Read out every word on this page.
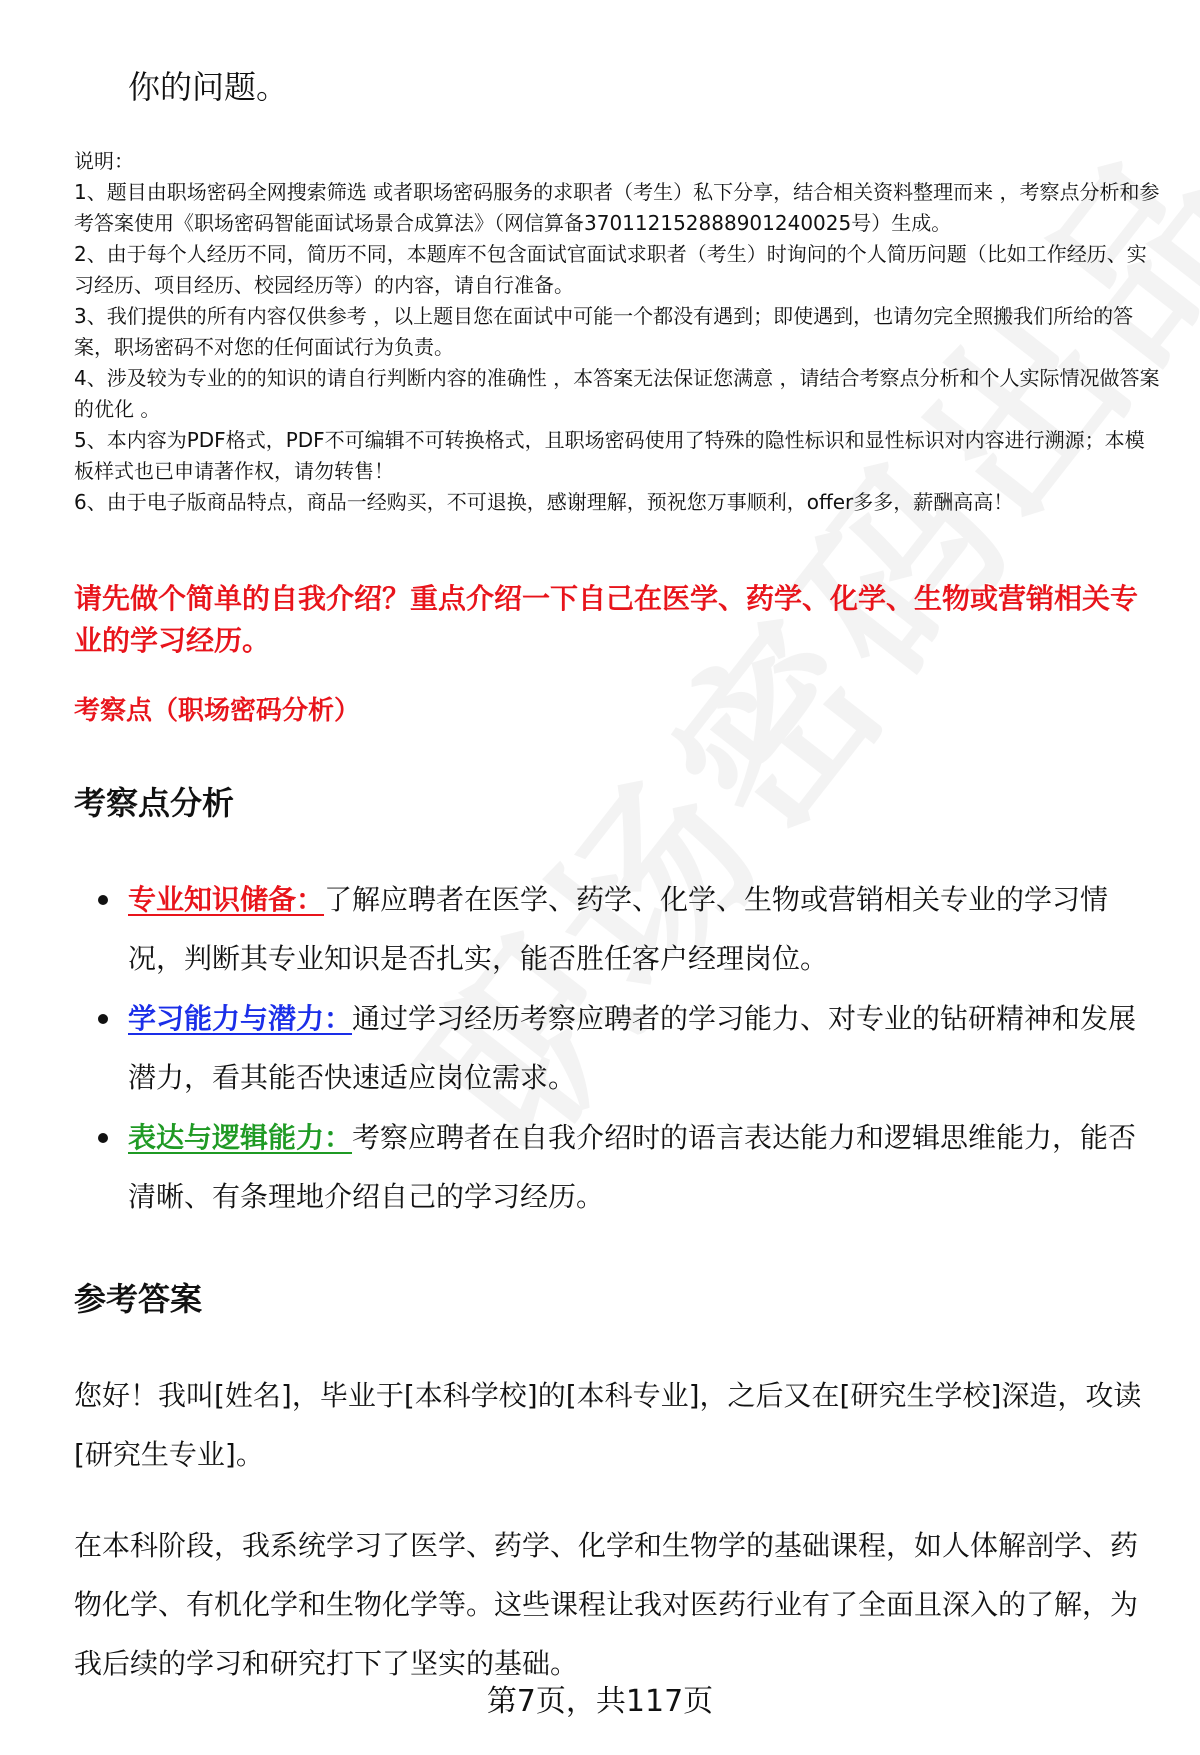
你的问题。
说明：
1、题目由职场密码全网搜索筛选 或者职场密码服务的求职者（考生）私下分享，结合相关资料整理而来 ，考察点分析和参考答案使用《职场密码智能面试场景合成算法》（网信算备370112152888901240025号）生成。
2、由于每个人经历不同，简历不同，本题库不包含面试官面试求职者（考生）时询问的个人简历问题（比如工作经历、实习经历、项目经历、校园经历等）的内容，请自行准备。
3、我们提供的所有内容仅供参考 ，以上题目您在面试中可能一个都没有遇到；即使遇到，也请勿完全照搬我们所给的答案，职场密码不对您的任何面试行为负责。
4、涉及较为专业的的知识的请自行判断内容的准确性 ，本答案无法保证您满意 ，请结合考察点分析和个人实际情况做答案的优化 。
5、本内容为PDF格式，PDF不可编辑不可转换格式，且职场密码使用了特殊的隐性标识和显性标识对内容进行溯源；本模板样式也已申请著作权，请勿转售！
6、由于电子版商品特点，商品一经购买，不可退换，感谢理解，预祝您万事顺利，offer多多，薪酬高高！
请先做个简单的自我介绍？重点介绍一下自己在医学、药学、化学、生物或营销相关专业的学习经历。
考察点（职场密码分析）
考察点分析
专业知识储备：了解应聘者在医学、药学、化学、生物或营销相关专业的学习情况，判断其专业知识是否扎实，能否胜任客户经理岗位。
学习能力与潜力：通过学习经历考察应聘者的学习能力、对专业的钻研精神和发展潜力，看其能否快速适应岗位需求。
表达与逻辑能力：考察应聘者在自我介绍时的语言表达能力和逻辑思维能力，能否清晰、有条理地介绍自己的学习经历。
参考答案
您好！我叫[姓名]，毕业于[本科学校]的[本科专业]，之后又在[研究生学校]深造，攻读[研究生专业]。
在本科阶段，我系统学习了医学、药学、化学和生物学的基础课程，如人体解剖学、药物化学、有机化学和生物化学等。这些课程让我对医药行业有了全面且深入的了解，为我后续的学习和研究打下了坚实的基础。
第7页，共117页
